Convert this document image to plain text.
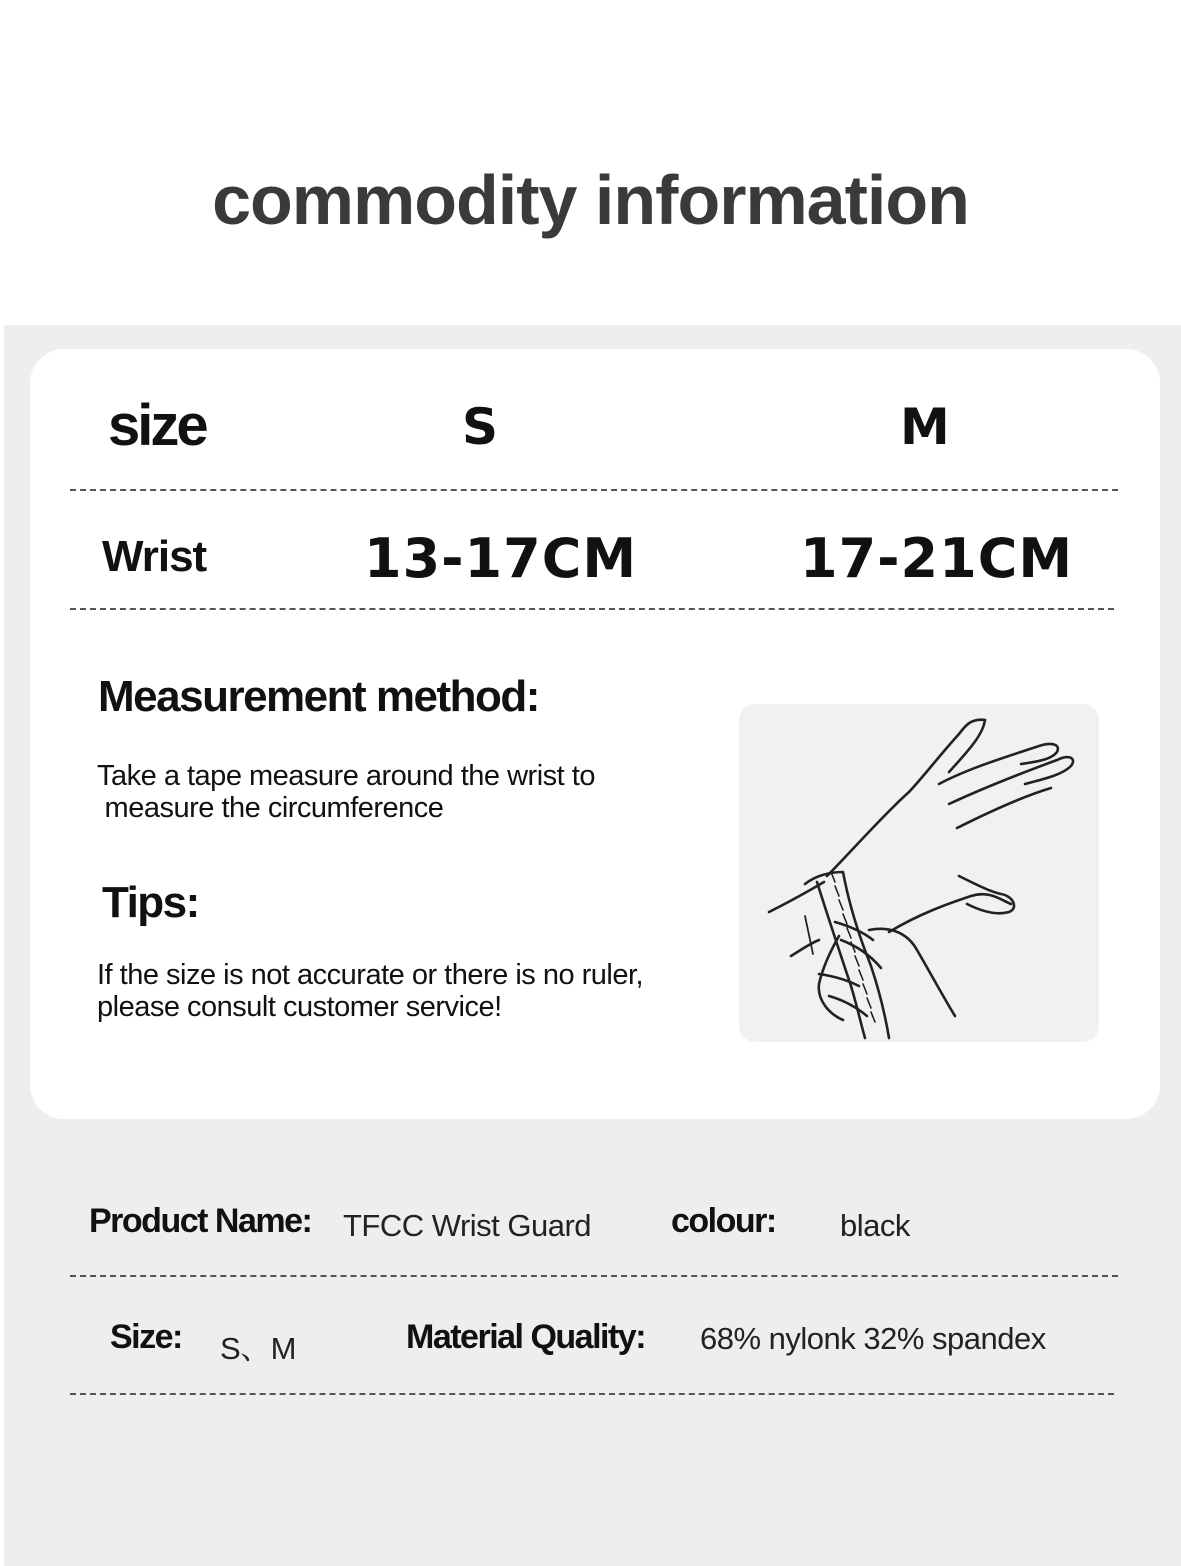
commodity information
size	S	M
Wrist	13-17CM	17-21CM
Measurement method:
Take a tape measure around the wrist to
measure the circumference
Tips:
If the size is not accurate or there is no ruler,
please consult customer service!
Product Name: TFCC Wrist Guard colour: black
Size: S、M	Material Quality: 68% nylonk 32% spandex
